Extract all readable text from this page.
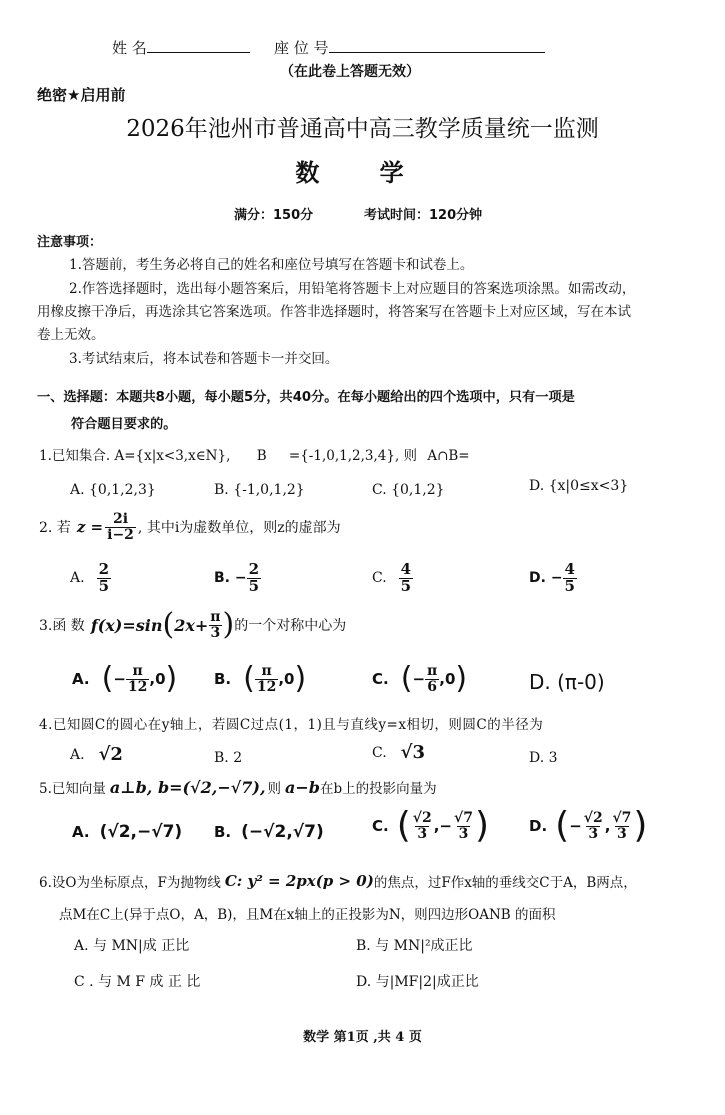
姓 名	座 位 号
（在此卷上答题无效）
绝密★启用前
2026年池州市普通高中高三教学质量统一监测
数 学
满分：150分	考试时间：120分钟
注意事项：
1.答题前，考生务必将自己的姓名和座位号填写在答题卡和试卷上。
2.作答选择题时，选出每小题答案后，用铅笔将答题卡上对应题目的答案选项涂黑。如需改动，
用橡皮擦干净后，再选涂其它答案选项。作答非选择题时，将答案写在答题卡上对应区域，写在本试
卷上无效。
3.考试结束后，将本试卷和答题卡一并交回。
一、选择题：本题共8小题，每小题5分，共40分。在每小题给出的四个选项中，只有一项是
符合题目要求的。
1.已知集合. A={x|x<3,x∈N}, B ={-1,0,1,2,3,4}, 则 A∩B=
A. {0,1,2,3}	B. {-1,0,1,2}	C. {0,1,2}	D. {x|0≤x<3}
2. 若 $z = \frac{2i}{i-2}$ , 其中i为虚数单位，则z的虚部为
A. $\frac{2}{5}$	B. − $\frac{2}{5}$	C. $\frac{4}{5}$	D. − $\frac{4}{5}$
3.函 数 f(x)=sin ( $2x+ \frac{\pi}{3}$ ) 的一个对称中心为
A. ( − $\frac{\pi}{12} ,0$ ) B. ( $\frac{\pi}{12} ,0$ )	C. ( − $\frac{\pi}{6} ,0$ )	D. (π-0)
4.已知圆C的圆心在y轴上，若圆C过点(1，1)且与直线y=x相切，则圆C的半径为
A. √2	B. 2	C. √3	D. 3
5.已知向量 a⊥b, b=(√2,−√7), 则 a−b 在b上的投影向量为
A. (√2,−√7) B. (−√2,√7)	C. ( $\frac{√2}{3}$ ,− $\frac{√7}{3}$ )	D. ( − $\frac{√2}{3}$ , $\frac{√7}{3}$ )
6.设O为坐标原点，F为抛物线 C: y² = 2px(p > 0) 的焦点，过F作x轴的垂线交C于A，B两点，
点M在C上(异于点O，A，B)，且M在x轴上的正投影为N，则四边形OANB 的面积
A. 与 MN|成 正比	B. 与 MN|²成正比
C . 与 M F 成 正 比	D. 与|MF|2|成正比
数学 第1页 ,共 4 页
